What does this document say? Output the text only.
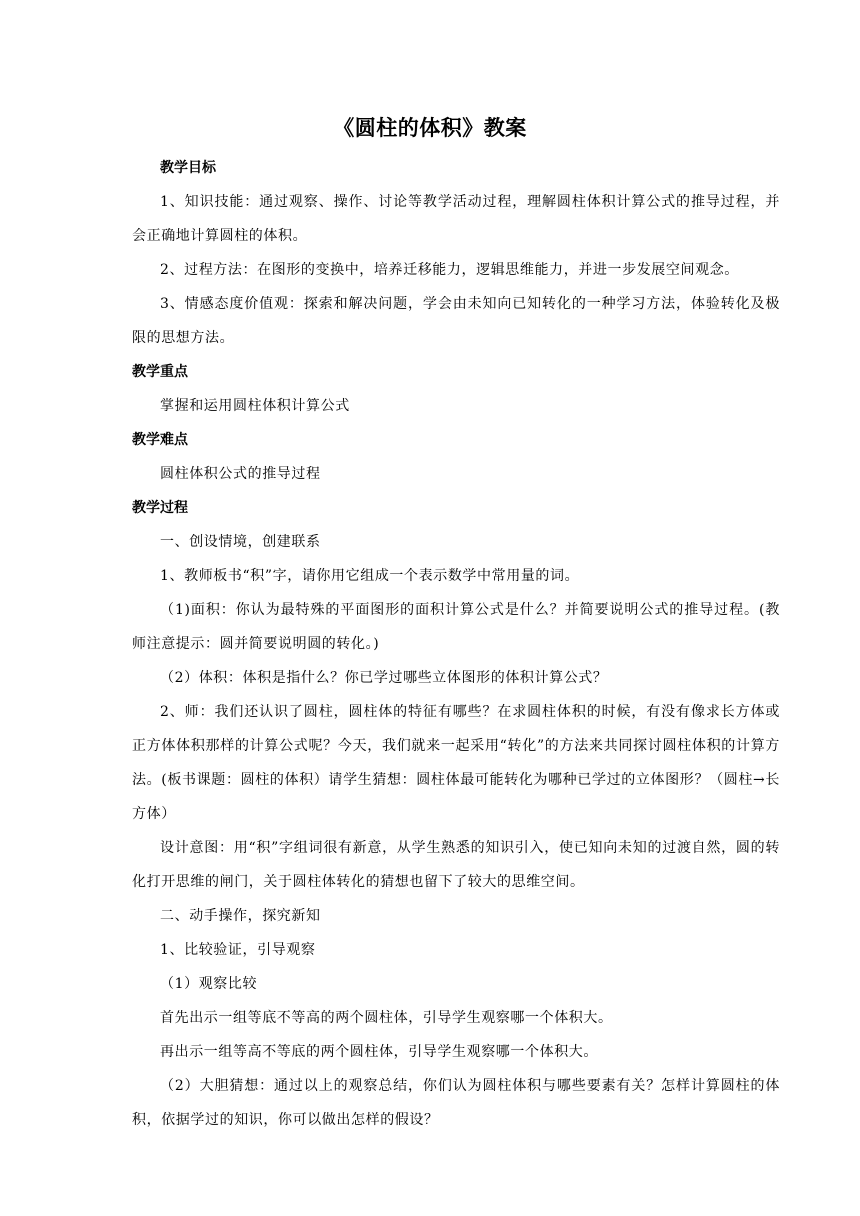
《圆柱的体积》教案
教学目标

1、知识技能：通过观察、操作、讨论等教学活动过程，理解圆柱体积计算公式的推导过程，并会正确地计算圆柱的体积。

2、过程方法：在图形的变换中，培养迁移能力，逻辑思维能力，并进一步发展空间观念。

3、情感态度价值观：探索和解决问题，学会由未知向已知转化的一种学习方法，体验转化及极限的思想方法。

教学重点

掌握和运用圆柱体积计算公式

教学难点

圆柱体积公式的推导过程

教学过程

一、创设情境，创建联系

1、教师板书“积”字，请你用它组成一个表示数学中常用量的词。

（1)面积：你认为最特殊的平面图形的面积计算公式是什么？并简要说明公式的推导过程。(教师注意提示：圆并简要说明圆的转化。)

（2）体积：体积是指什么？你已学过哪些立体图形的体积计算公式？

2、师：我们还认识了圆柱，圆柱体的特征有哪些？在求圆柱体积的时候，有没有像求长方体或正方体体积那样的计算公式呢？今天，我们就来一起采用“转化”的方法来共同探讨圆柱体积的计算方法。(板书课题：圆柱的体积）请学生猜想：圆柱体最可能转化为哪种已学过的立体图形？（圆柱→长方体）

设计意图：用“积”字组词很有新意，从学生熟悉的知识引入，使已知向未知的过渡自然，圆的转化打开思维的闸门，关于圆柱体转化的猜想也留下了较大的思维空间。

二、动手操作，探究新知

1、比较验证，引导观察

（1）观察比较

首先出示一组等底不等高的两个圆柱体，引导学生观察哪一个体积大。

再出示一组等高不等底的两个圆柱体，引导学生观察哪一个体积大。

（2）大胆猜想：通过以上的观察总结，你们认为圆柱体积与哪些要素有关？怎样计算圆柱的体积，依据学过的知识，你可以做出怎样的假设？
